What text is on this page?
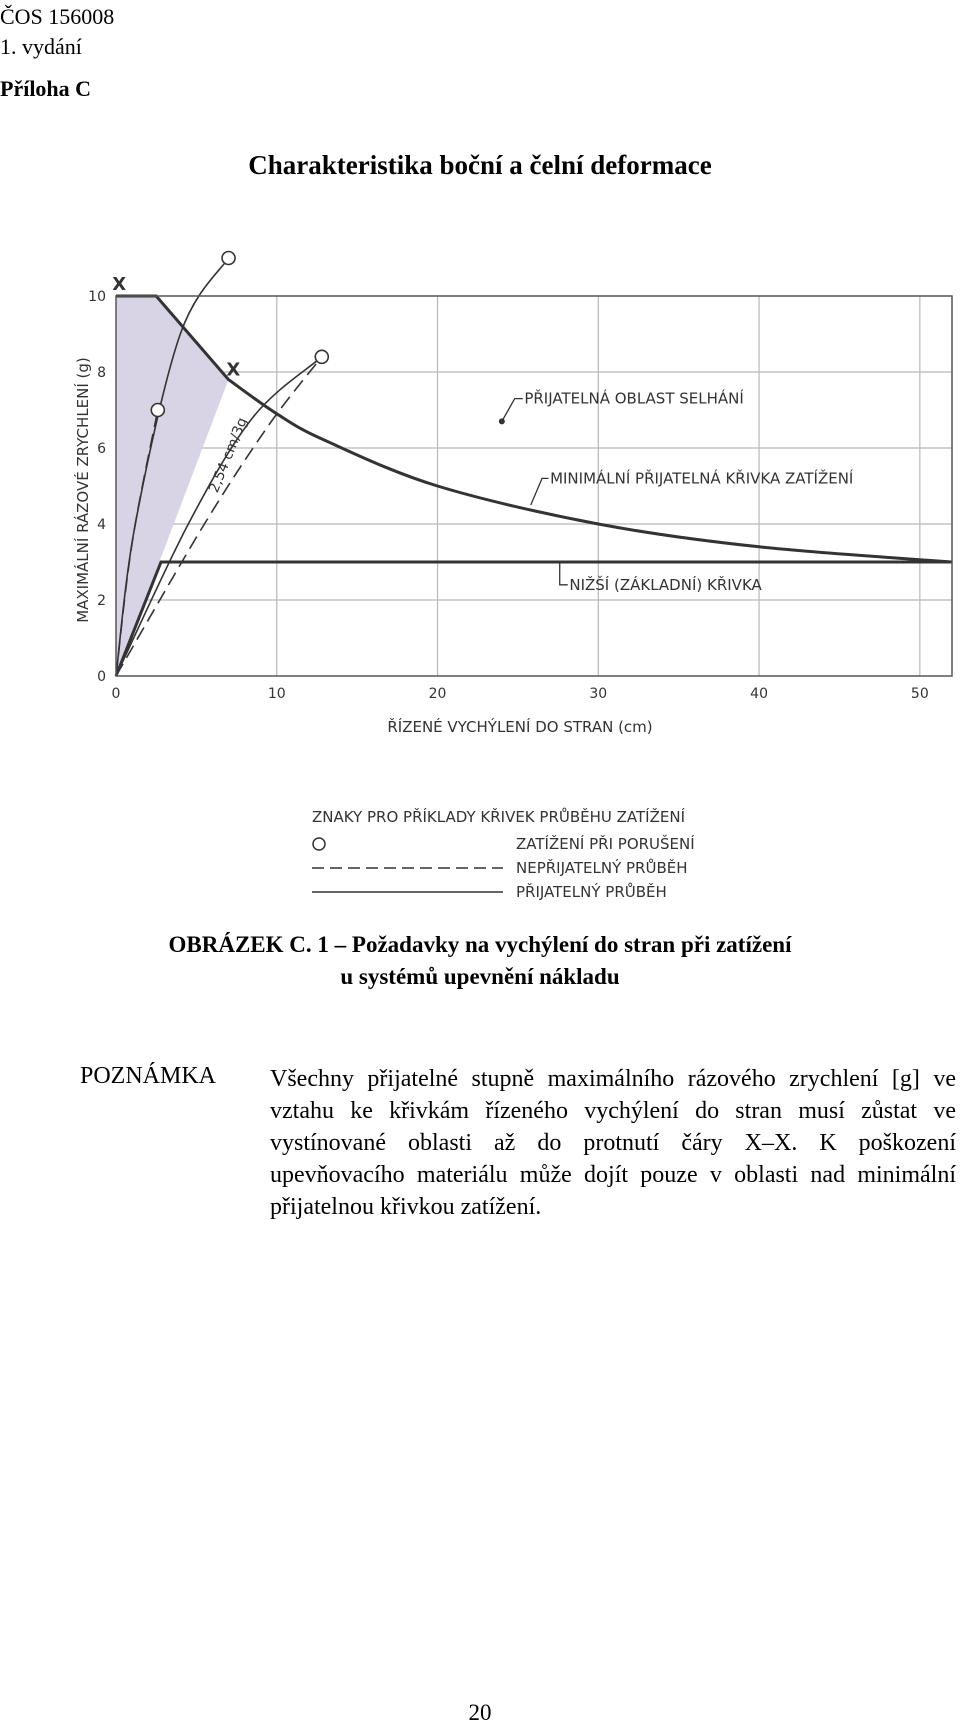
ČOS 156008
1. vydání
Příloha C
Charakteristika boční a čelní deformace
0	10	20	30	40	50
0
2
4
6
8
10
ŘÍZENÉ VYCHÝLENÍ DO STRAN (cm)
MAXIMÁLNÍ RÁZOVÉ ZRYCHLENÍ (g)
X
X
2,54 cm/3g
PŘIJATELNÁ OBLAST SELHÁNÍ
MINIMÁLNÍ PŘIJATELNÁ KŘIVKA ZATÍŽENÍ
NIŽŠÍ (ZÁKLADNÍ) KŘIVKA
ZNAKY PRO PŘÍKLADY KŘIVEK PRŮBĚHU ZATÍŽENÍ
ZATÍŽENÍ PŘI PORUŠENÍ
NEPŘIJATELNÝ PRŮBĚH
PŘIJATELNÝ PRŮBĚH
OBRÁZEK C. 1 – Požadavky na vychýlení do stran při zatížení
u systémů upevnění nákladu
POZNÁMKA Všechny přijatelné stupně maximálního rázového zrychlení [g] ve vztahu ke křivkám řízeného vychýlení do stran musí zůstat ve vystínované oblasti až do protnutí čáry X–X. K poškození upevňovacího materiálu může dojít pouze v oblasti nad minimální přijatelnou křivkou zatížení.
20
